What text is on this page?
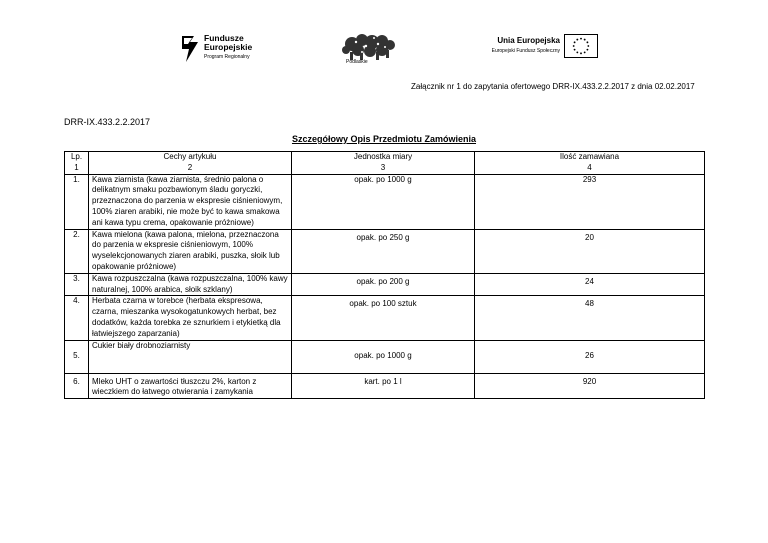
Fundusze
Europejskie
Program Regionalny
Podlaskie
Unia Europejska
Europejski Fundusz Społeczny
Załącznik nr 1 do zapytania ofertowego DRR-IX.433.2.2.2017 z dnia 02.02.2017
DRR-IX.433.2.2.2017
Szczegółowy Opis Przedmiotu Zamówienia
Lp.	Cechy artykułu	Jednostka miary	Ilość zamawiana
1	2	3	4
1.	Kawa ziarnista (kawa ziarnista, średnio palona o delikatnym smaku pozbawionym śladu goryczki, przeznaczona do parzenia w ekspresie ciśnieniowym, 100% ziaren arabiki, nie może być to kawa smakowa ani kawa typu crema, opakowanie próżniowe)	opak. po 1000 g	293
2.	Kawa mielona (kawa palona, mielona, przeznaczona do parzenia w ekspresie ciśnieniowym, 100% wyselekcjonowanych ziaren arabiki, puszka, słoik lub opakowanie próżniowe)	opak. po 250 g	20
3.	Kawa rozpuszczalna (kawa rozpuszczalna, 100% kawy naturalnej, 100% arabica, słoik szklany)	opak. po 200 g	24
4.	Herbata czarna w torebce (herbata ekspresowa, czarna, mieszanka wysokogatunkowych herbat, bez dodatków, każda torebka ze sznurkiem i etykietką dla łatwiejszego zaparzania)	opak. po 100 sztuk	48
5.	Cukier biały drobnoziarnisty	opak. po 1000 g	26
6.	Mleko UHT o zawartości tłuszczu 2%, karton z wieczkiem do łatwego otwierania i zamykania	kart. po 1 l	920
